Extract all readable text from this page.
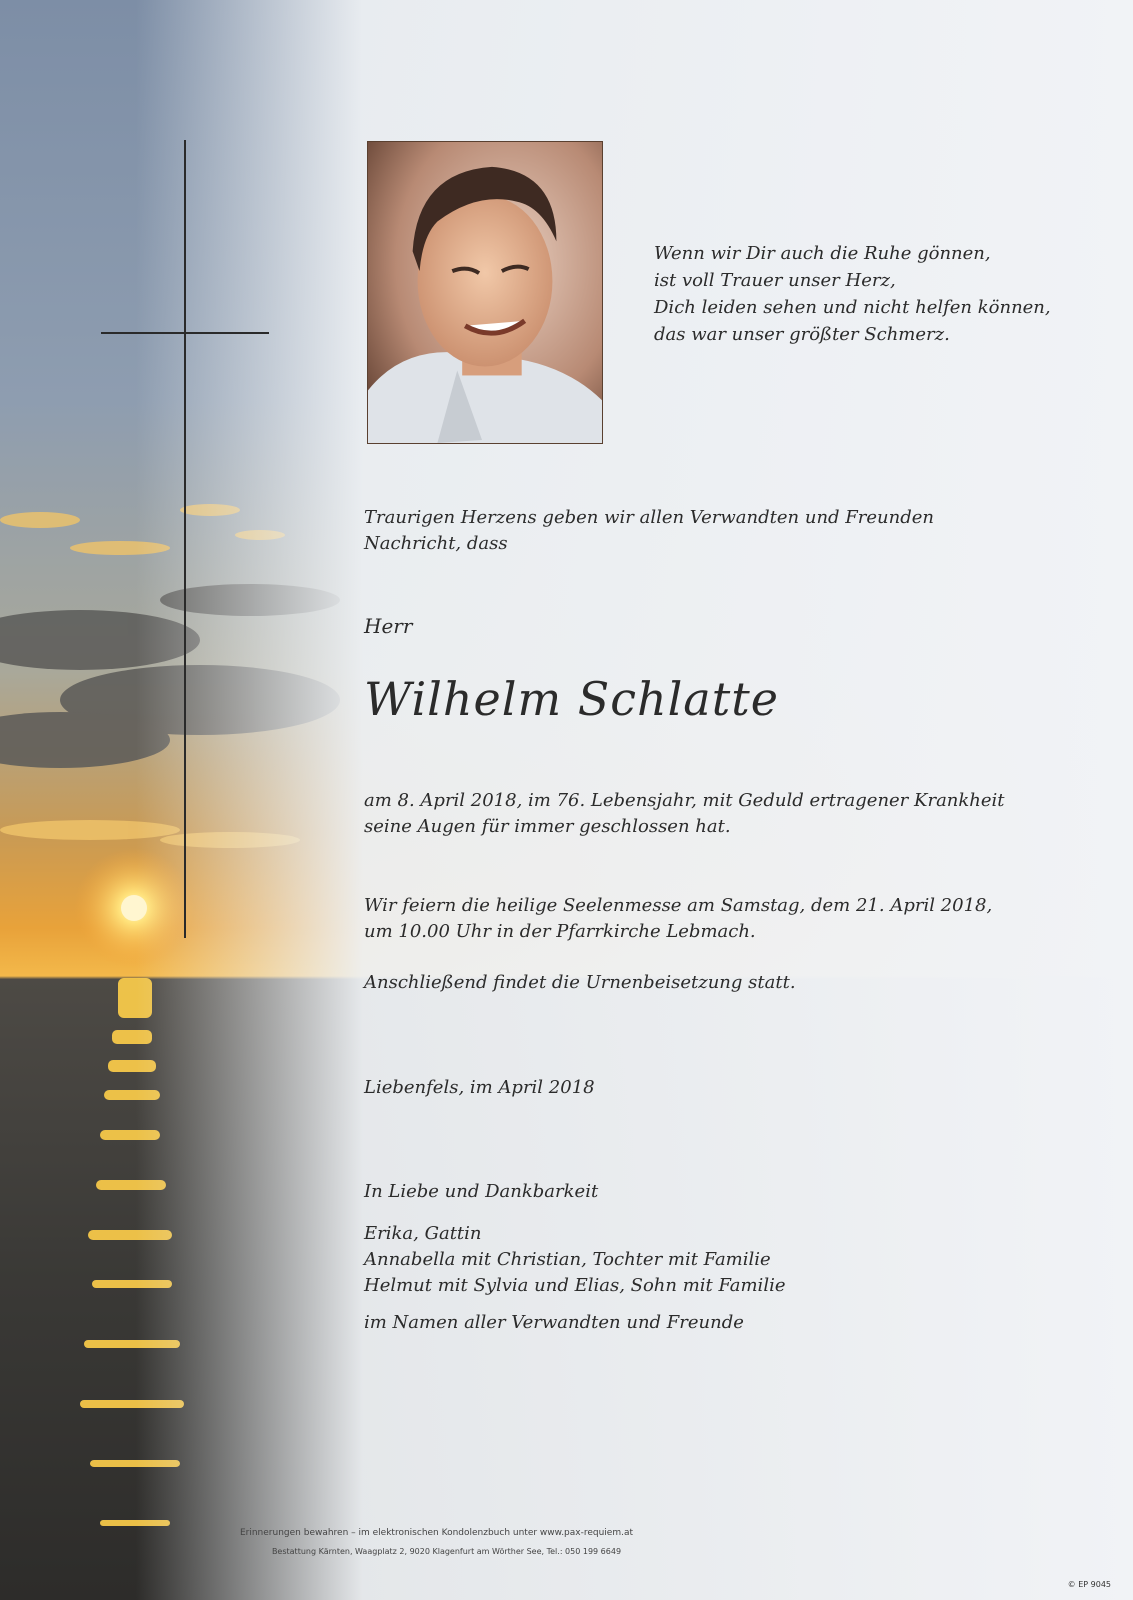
Wenn wir Dir auch die Ruhe gönnen,
ist voll Trauer unser Herz,
Dich leiden sehen und nicht helfen können,
das war unser größter Schmerz.
Traurigen Herzens geben wir allen Verwandten und Freunden
Nachricht, dass
Herr
Wilhelm Schlatte
am 8. April 2018, im 76. Lebensjahr, mit Geduld ertragener Krankheit
seine Augen für immer geschlossen hat.
Wir feiern die heilige Seelenmesse am Samstag, dem 21. April 2018,
um 10.00 Uhr in der Pfarrkirche Lebmach.
Anschließend findet die Urnenbeisetzung statt.
Liebenfels, im April 2018
In Liebe und Dankbarkeit
Erika, Gattin
Annabella mit Christian, Tochter mit Familie
Helmut mit Sylvia und Elias, Sohn mit Familie
im Namen aller Verwandten und Freunde
Erinnerungen bewahren – im elektronischen Kondolenzbuch unter www.pax-requiem.at
Bestattung Kärnten, Waagplatz 2, 9020 Klagenfurt am Wörther See, Tel.: 050 199 6649
© EP 9045
